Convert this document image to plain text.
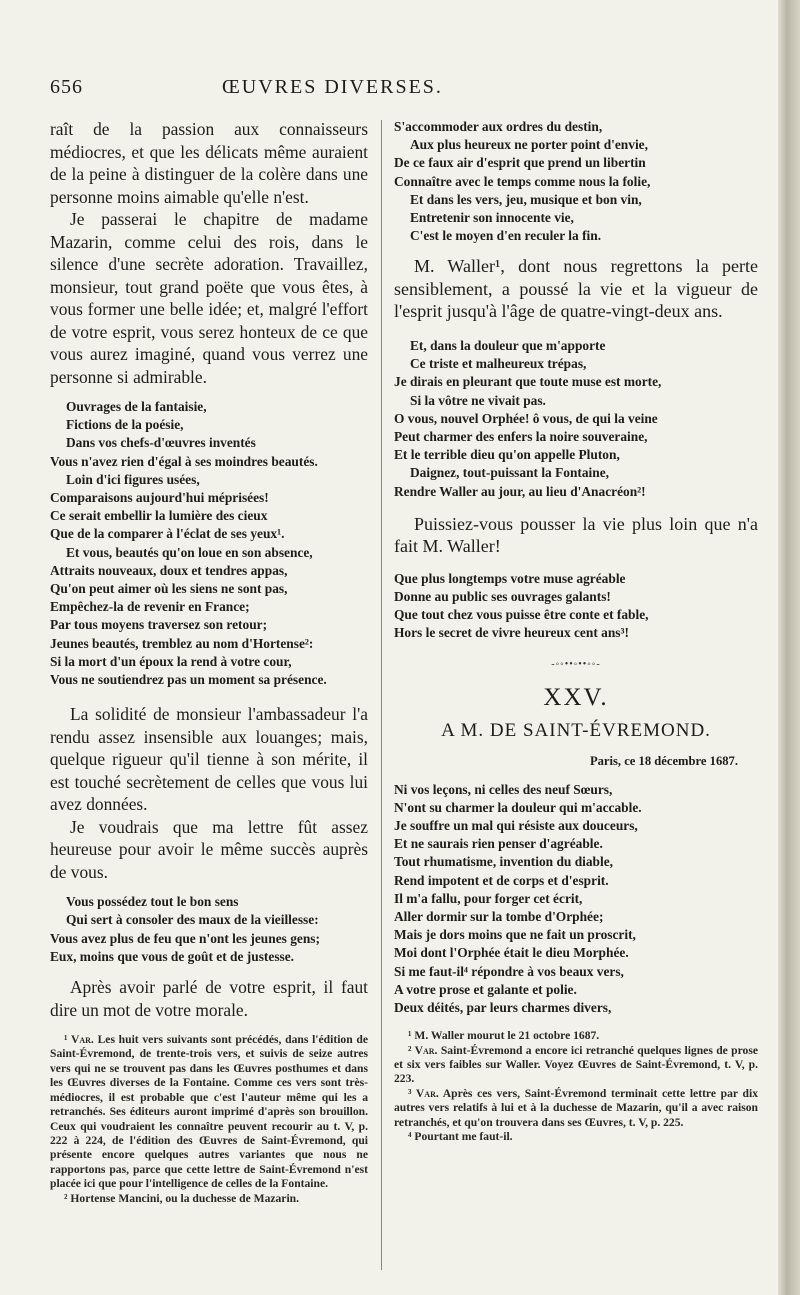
656	ŒUVRES DIVERSES.

raît de la passion aux connaisseurs médiocres, et que les délicats même auraient de la peine à distinguer de la colère dans une personne moins aimable qu'elle n'est.

Je passerai le chapitre de madame Mazarin, comme celui des rois, dans le silence d'une secrète adoration. Travaillez, monsieur, tout grand poëte que vous êtes, à vous former une belle idée; et, malgré l'effort de votre esprit, vous serez honteux de ce que vous aurez imaginé, quand vous verrez une personne si admirable.

Ouvrages de la fantaisie,
Fictions de la poésie,
Dans vos chefs-d'œuvres inventés
Vous n'avez rien d'égal à ses moindres beautés.
Loin d'ici figures usées,
Comparaisons aujourd'hui méprisées!
Ce serait embellir la lumière des cieux
Que de la comparer à l'éclat de ses yeux¹.
Et vous, beautés qu'on loue en son absence,
Attraits nouveaux, doux et tendres appas,
Qu'on peut aimer où les siens ne sont pas,
Empêchez-la de revenir en France;
Par tous moyens traversez son retour;
Jeunes beautés, tremblez au nom d'Hortense²:
Si la mort d'un époux la rend à votre cour,
Vous ne soutiendrez pas un moment sa présence.

La solidité de monsieur l'ambassadeur l'a rendu assez insensible aux louanges; mais, quelque rigueur qu'il tienne à son mérite, il est touché secrètement de celles que vous lui avez données.

Je voudrais que ma lettre fût assez heureuse pour avoir le même succès auprès de vous.

Vous possédez tout le bon sens
Qui sert à consoler des maux de la vieillesse:
Vous avez plus de feu que n'ont les jeunes gens;
Eux, moins que vous de goût et de justesse.

Après avoir parlé de votre esprit, il faut dire un mot de votre morale.

¹ Var. Les huit vers suivants sont précédés, dans l'édition de Saint-Évremond, de trente-trois vers, et suivis de seize autres vers qui ne se trouvent pas dans les Œuvres posthumes et dans les Œuvres diverses de la Fontaine. Comme ces vers sont très-médiocres, il est probable que c'est l'auteur même qui les a retranchés. Ses éditeurs auront imprimé d'après son brouillon. Ceux qui voudraient les connaître peuvent recourir au t. V, p. 222 à 224, de l'édition des Œuvres de Saint-Évremond, qui présente encore quelques autres variantes que nous ne rapportons pas, parce que cette lettre de Saint-Évremond n'est placée ici que pour l'intelligence de celles de la Fontaine.

² Hortense Mancini, ou la duchesse de Mazarin.

S'accommoder aux ordres du destin,
Aux plus heureux ne porter point d'envie,
De ce faux air d'esprit que prend un libertin
Connaître avec le temps comme nous la folie,
Et dans les vers, jeu, musique et bon vin,
Entretenir son innocente vie,
C'est le moyen d'en reculer la fin.

M. Waller¹, dont nous regrettons la perte sensiblement, a poussé la vie et la vigueur de l'esprit jusqu'à l'âge de quatre-vingt-deux ans.

Et, dans la douleur que m'apporte
Ce triste et malheureux trépas,
Je dirais en pleurant que toute muse est morte,
Si la vôtre ne vivait pas.
O vous, nouvel Orphée! ô vous, de qui la veine
Peut charmer des enfers la noire souveraine,
Et le terrible dieu qu'on appelle Pluton,
Daignez, tout-puissant la Fontaine,
Rendre Waller au jour, au lieu d'Anacréon²!

Puissiez-vous pousser la vie plus loin que n'a fait M. Waller!

Que plus longtemps votre muse agréable
Donne au public ses ouvrages galants!
Que tout chez vous puisse être conte et fable,
Hors le secret de vivre heureux cent ans³!
-◦◦••◦••◦◦-
XXV.
A M. DE SAINT-ÉVREMOND.
Paris, ce 18 décembre 1687.
Ni vos leçons, ni celles des neuf Sœurs,
N'ont su charmer la douleur qui m'accable.
Je souffre un mal qui résiste aux douceurs,
Et ne saurais rien penser d'agréable.
Tout rhumatisme, invention du diable,
Rend impotent et de corps et d'esprit.
Il m'a fallu, pour forger cet écrit,
Aller dormir sur la tombe d'Orphée;
Mais je dors moins que ne fait un proscrit,
Moi dont l'Orphée était le dieu Morphée.
Si me faut-il⁴ répondre à vos beaux vers,
A votre prose et galante et polie.
Deux déités, par leurs charmes divers,

¹ M. Waller mourut le 21 octobre 1687.

² Var. Saint-Évremond a encore ici retranché quelques lignes de prose et six vers faibles sur Waller. Voyez Œuvres de Saint-Évremond, t. V, p. 223.

³ Var. Après ces vers, Saint-Évremond terminait cette lettre par dix autres vers relatifs à lui et à la duchesse de Mazarin, qu'il a avec raison retranchés, et qu'on trouvera dans ses Œuvres, t. V, p. 225.

⁴ Pourtant me faut-il.
